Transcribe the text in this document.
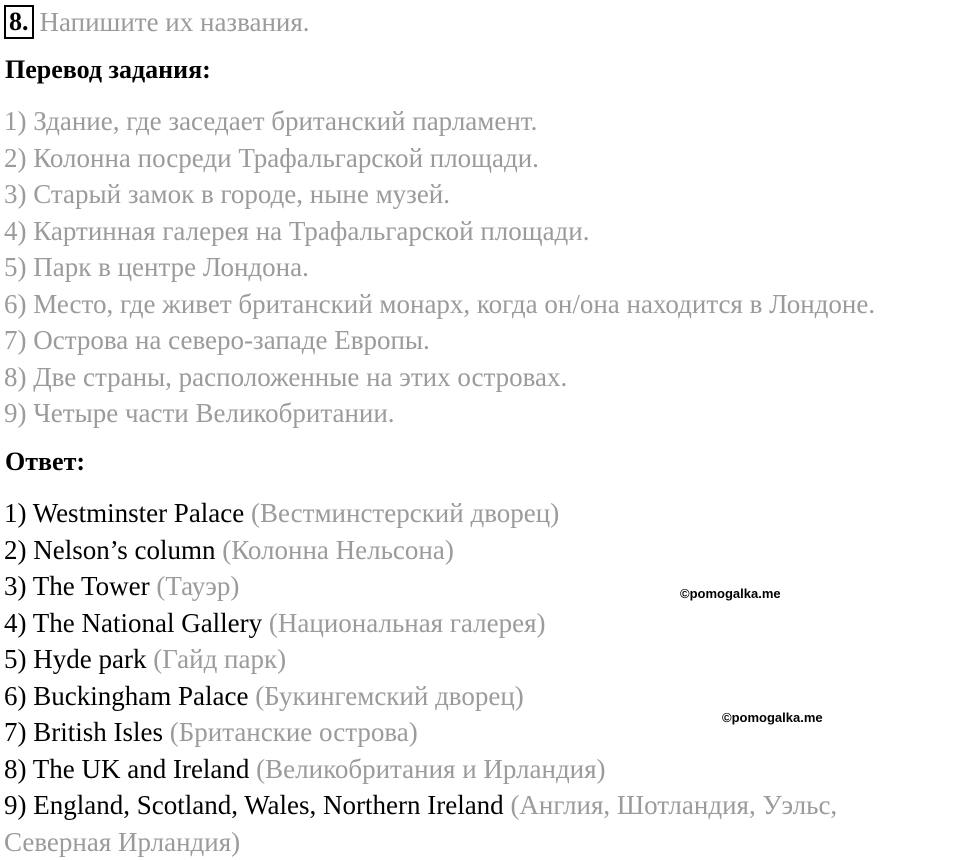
8. Напишите их названия.
Перевод задания:
1) Здание, где заседает британский парламент.
2) Колонна посреди Трафальгарской площади.
3) Старый замок в городе, ныне музей.
4) Картинная галерея на Трафальгарской площади.
5) Парк в центре Лондона.
6) Место, где живет британский монарх, когда он/она находится в Лондоне.
7) Острова на северо-западе Европы.
8) Две страны, расположенные на этих островах.
9) Четыре части Великобритании.
Ответ:
1) Westminster Palace (Вестминстерский дворец)
2) Nelson’s column (Колонна Нельсона)
3) The Tower (Тауэр)
4) The National Gallery (Национальная галерея)
5) Hyde park (Гайд парк)
6) Buckingham Palace (Букингемский дворец)
7) British Isles (Британские острова)
8) The UK and Ireland (Великобритания и Ирландия)
9) England, Scotland, Wales, Northern Ireland (Англия, Шотландия, Уэльс, Северная Ирландия)
©pomogalka.me
©pomogalka.me
